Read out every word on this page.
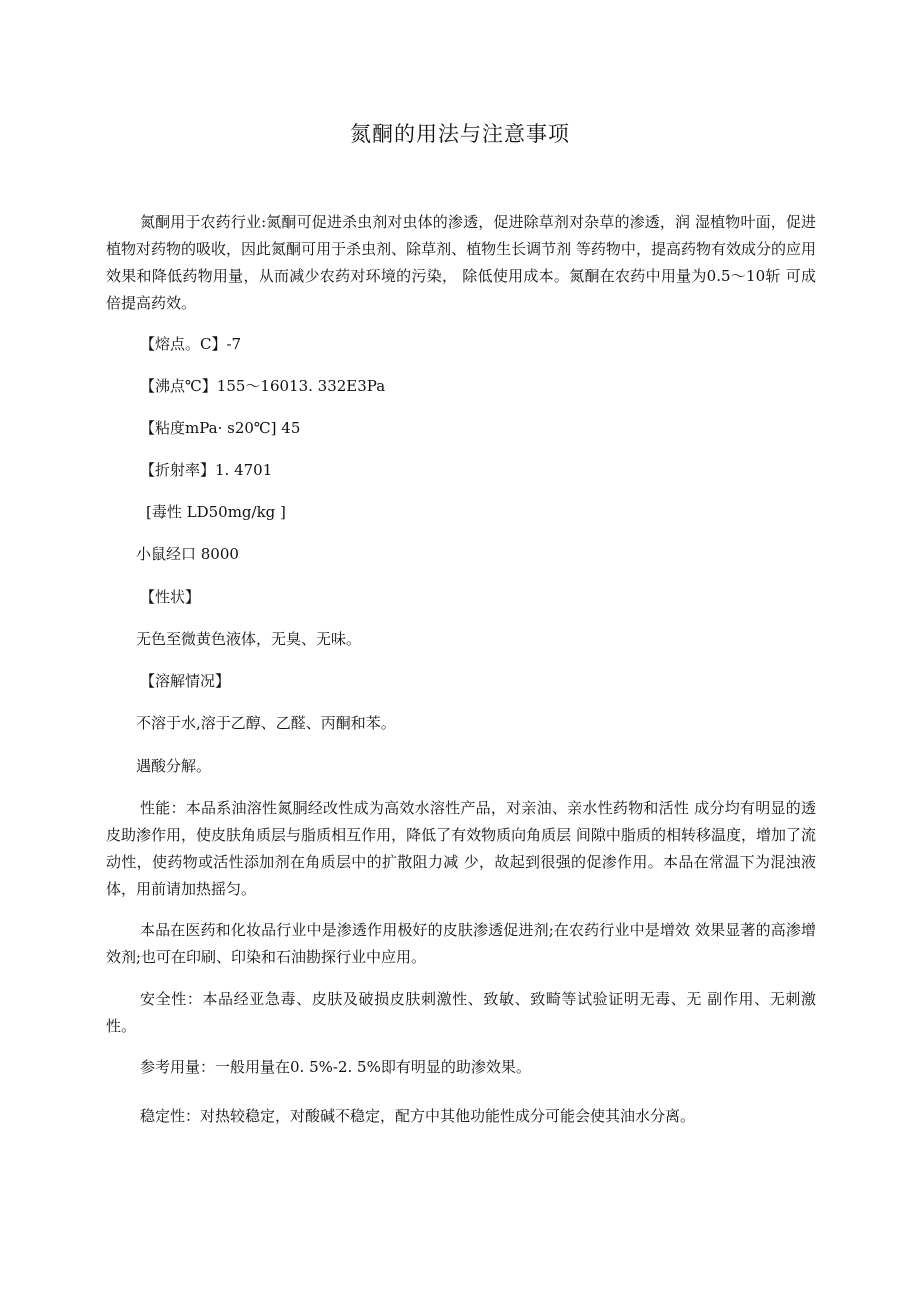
氮酮的用法与注意事项

氮酮用于农药行业:氮酮可促进杀虫剂对虫体的渗透，促进除草剂对杂草的渗透，润 湿植物叶面，促进植物对药物的吸收，因此氮酮可用于杀虫剂、除草剂、植物生长调节剂 等药物中，提高药物有效成分的应用效果和降低药物用量，从而减少农药对环境的污染， 除低使用成本。氮酮在农药中用量为0.5〜10斩 可成倍提高药效。

【熔点。C】-7

【沸点℃】155〜16013. 332E3Pa

【粘度mPa· s20℃] 45

【折射率】1. 4701

[毒性 LD50mg/kg ]

小鼠经口 8000

【性状】

无色至微黄色液体，无臭、无味。

【溶解情况】

不溶于水,溶于乙醇、乙醛、丙酮和苯。

遇酸分解。

性能：本品系油溶性氮胴经改性成为高效水溶性产品，对亲油、亲水性药物和活性 成分均有明显的透皮助渗作用，使皮肤角质层与脂质相互作用，降低了有效物质向角质层 间隙中脂质的相转移温度，增加了流动性，使药物或活性添加剂在角质层中的扩散阻力减 少，故起到很强的促渗作用。本品在常温下为混浊液体，用前请加热摇匀。

本品在医药和化妆品行业中是渗透作用极好的皮肤渗透促进剂;在农药行业中是增效 效果显著的高渗增效剂;也可在印刷、印染和石油勘探行业中应用。

安全性：本品经亚急毒、皮肤及破损皮肤刺激性、致敏、致畸等试验证明无毒、无 副作用、无刺激性。

参考用量：一般用量在0. 5%-2. 5%即有明显的助渗效果。

稳定性：对热较稳定，对酸碱不稳定，配方中其他功能性成分可能会使其油水分离。
